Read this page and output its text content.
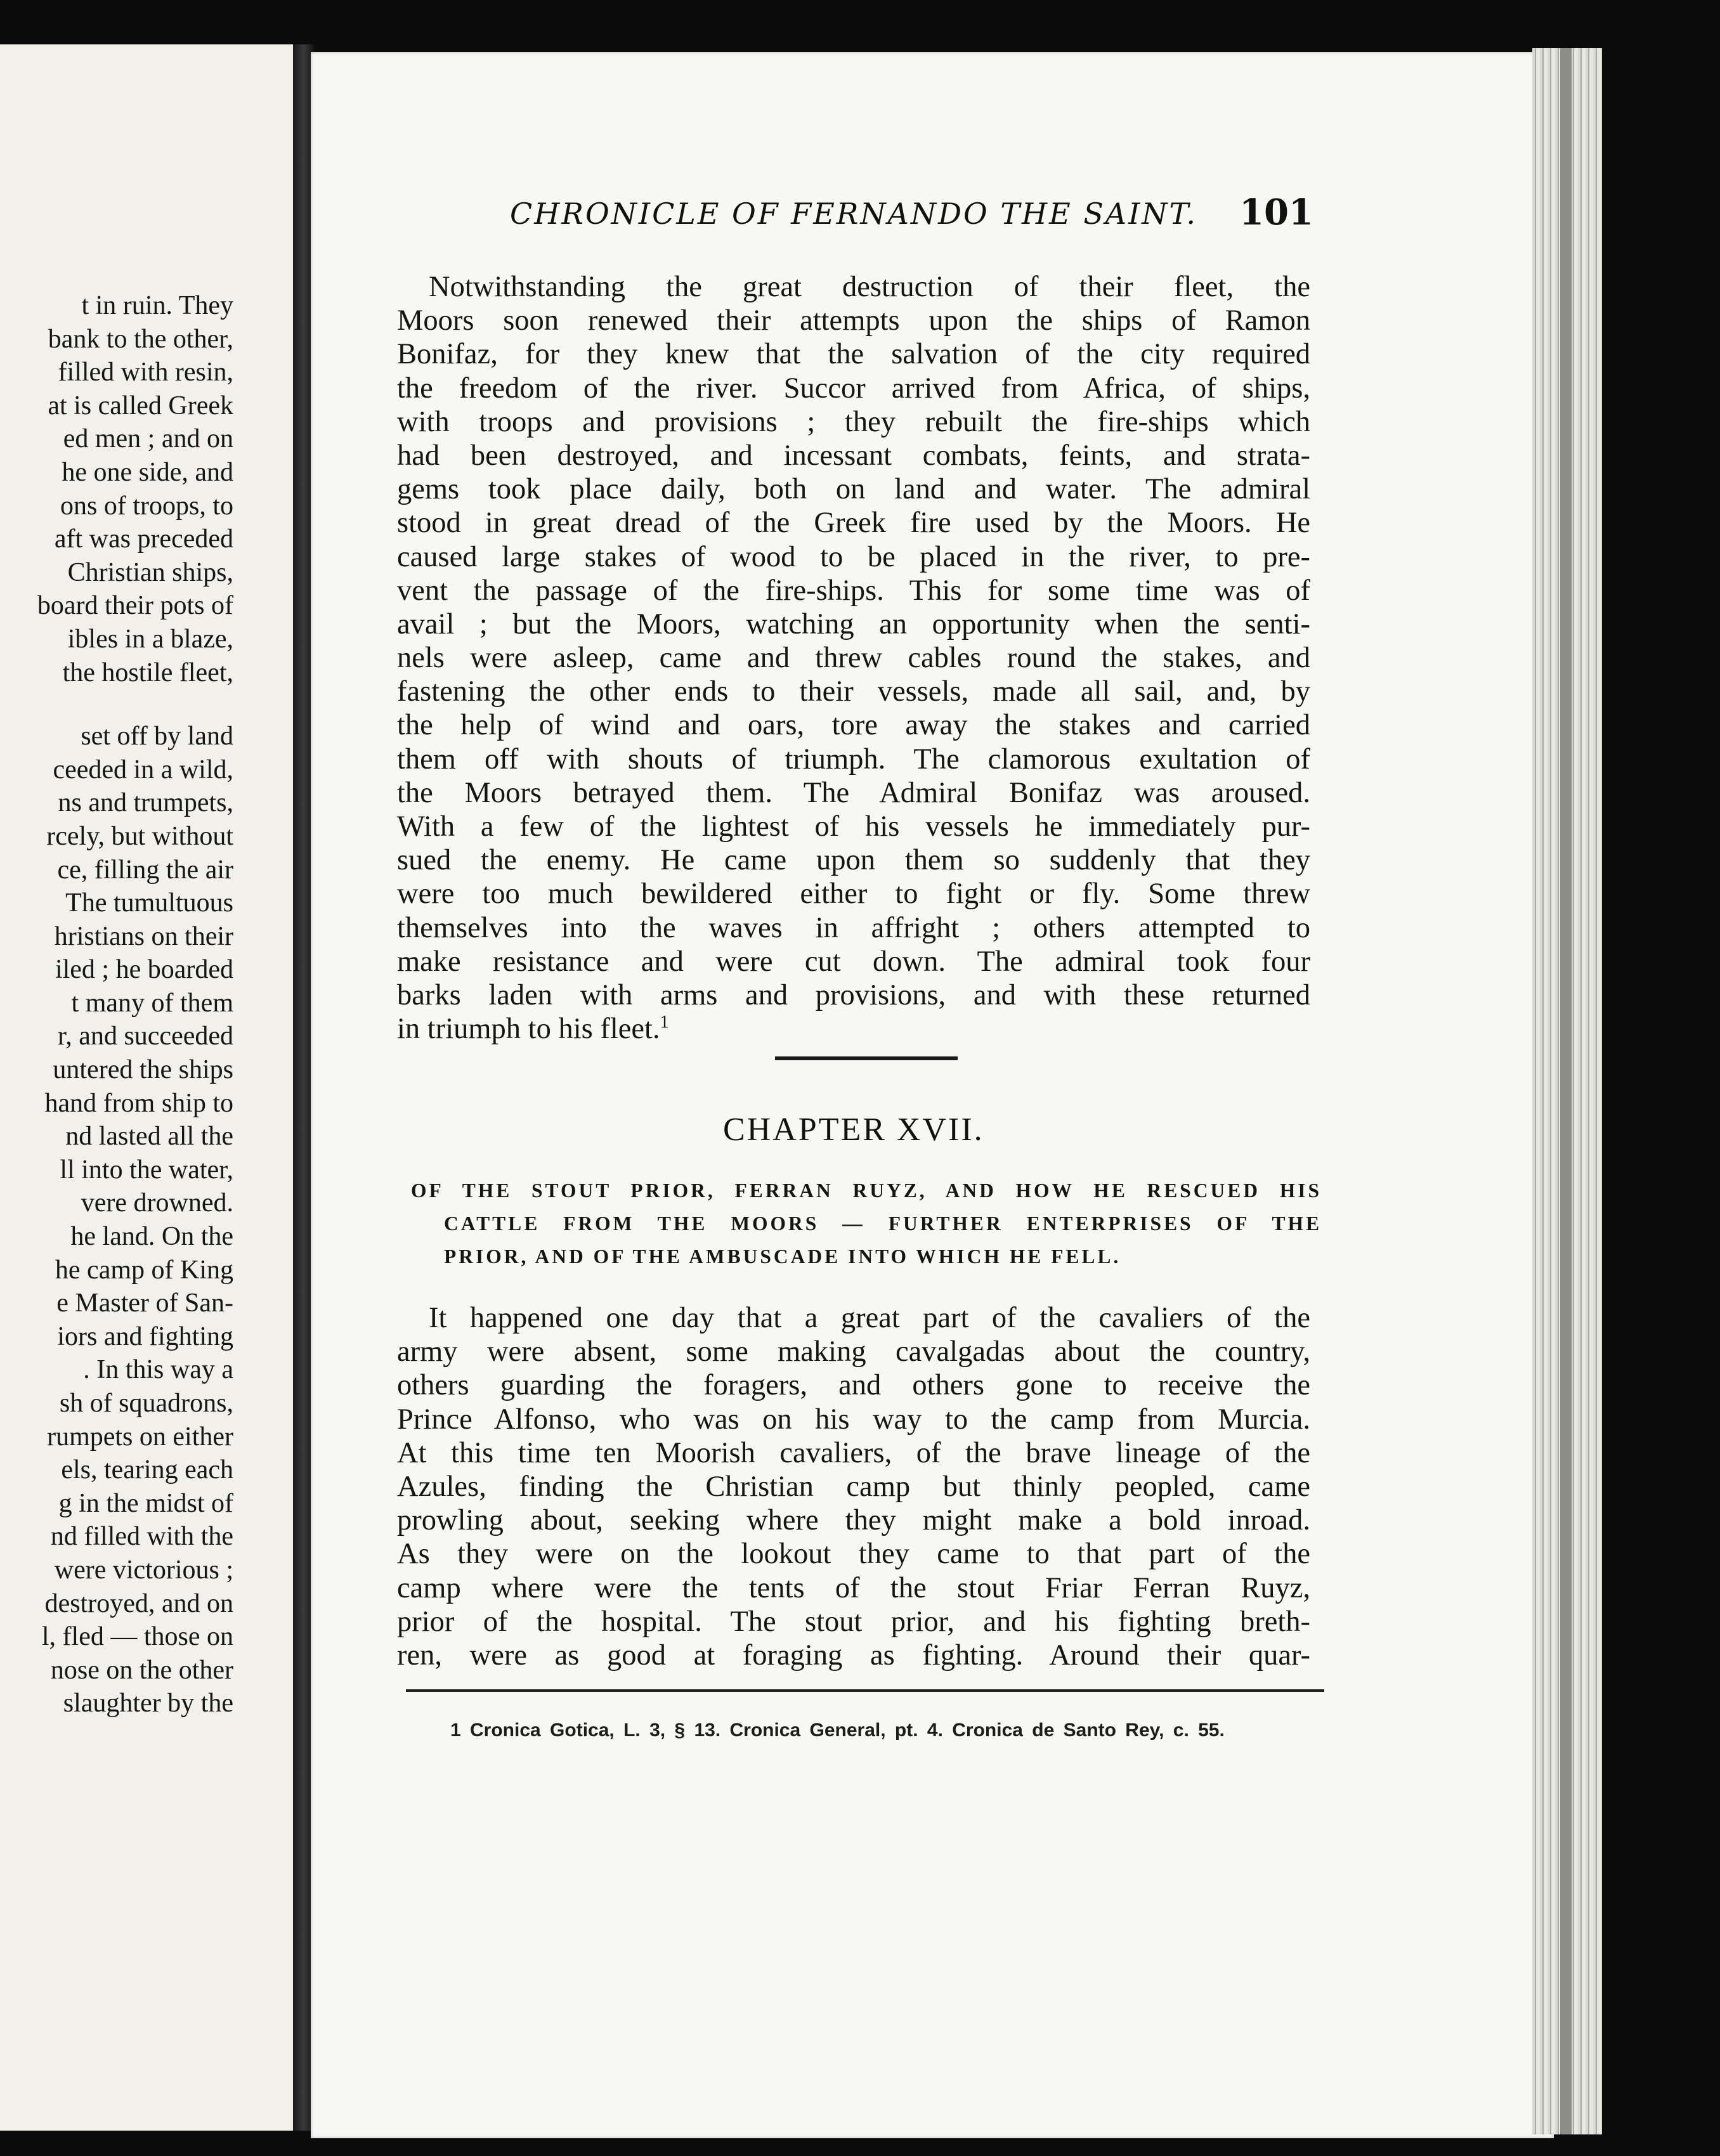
t in ruin. They
bank to the other,
filled with resin,
at is called Greek
ed men ; and on
he one side, and
ons of troops, to
aft was preceded
Christian ships,
board their pots of
ibles in a blaze,
the hostile fleet,
set off by land
ceeded in a wild,
ns and trumpets,
rcely, but without
ce, filling the air
The tumultuous
hristians on their
iled ; he boarded
t many of them
r, and succeeded
untered the ships
hand from ship to
nd lasted all the
ll into the water,
vere drowned.
he land. On the
he camp of King
e Master of San-
iors and fighting
. In this way a
sh of squadrons,
rumpets on either
els, tearing each
g in the midst of
nd filled with the
were victorious ;
destroyed, and on
l, fled — those on
nose on the other
slaughter by the
CHRONICLE OF FERNANDO THE SAINT. 101
Notwithstanding the great destruction of their fleet, the
Moors soon renewed their attempts upon the ships of Ramon
Bonifaz, for they knew that the salvation of the city required
the freedom of the river. Succor arrived from Africa, of ships,
with troops and provisions ; they rebuilt the fire-ships which
had been destroyed, and incessant combats, feints, and strata-
gems took place daily, both on land and water. The admiral
stood in great dread of the Greek fire used by the Moors. He
caused large stakes of wood to be placed in the river, to pre-
vent the passage of the fire-ships. This for some time was of
avail ; but the Moors, watching an opportunity when the senti-
nels were asleep, came and threw cables round the stakes, and
fastening the other ends to their vessels, made all sail, and, by
the help of wind and oars, tore away the stakes and carried
them off with shouts of triumph. The clamorous exultation of
the Moors betrayed them. The Admiral Bonifaz was aroused.
With a few of the lightest of his vessels he immediately pur-
sued the enemy. He came upon them so suddenly that they
were too much bewildered either to fight or fly. Some threw
themselves into the waves in affright ; others attempted to
make resistance and were cut down. The admiral took four
barks laden with arms and provisions, and with these returned
in triumph to his fleet.$^1$
CHAPTER XVII.
OF THE STOUT PRIOR, FERRAN RUYZ, AND HOW HE RESCUED HIS
CATTLE FROM THE MOORS — FURTHER ENTERPRISES OF THE
PRIOR, AND OF THE AMBUSCADE INTO WHICH HE FELL.
It happened one day that a great part of the cavaliers of the
army were absent, some making cavalgadas about the country,
others guarding the foragers, and others gone to receive the
Prince Alfonso, who was on his way to the camp from Murcia.
At this time ten Moorish cavaliers, of the brave lineage of the
Azules, finding the Christian camp but thinly peopled, came
prowling about, seeking where they might make a bold inroad.
As they were on the lookout they came to that part of the
camp where were the tents of the stout Friar Ferran Ruyz,
prior of the hospital. The stout prior, and his fighting breth-
ren, were as good at foraging as fighting. Around their quar-
1 Cronica Gotica, L. 3, § 13. Cronica General, pt. 4. Cronica de Santo Rey, c. 55.
